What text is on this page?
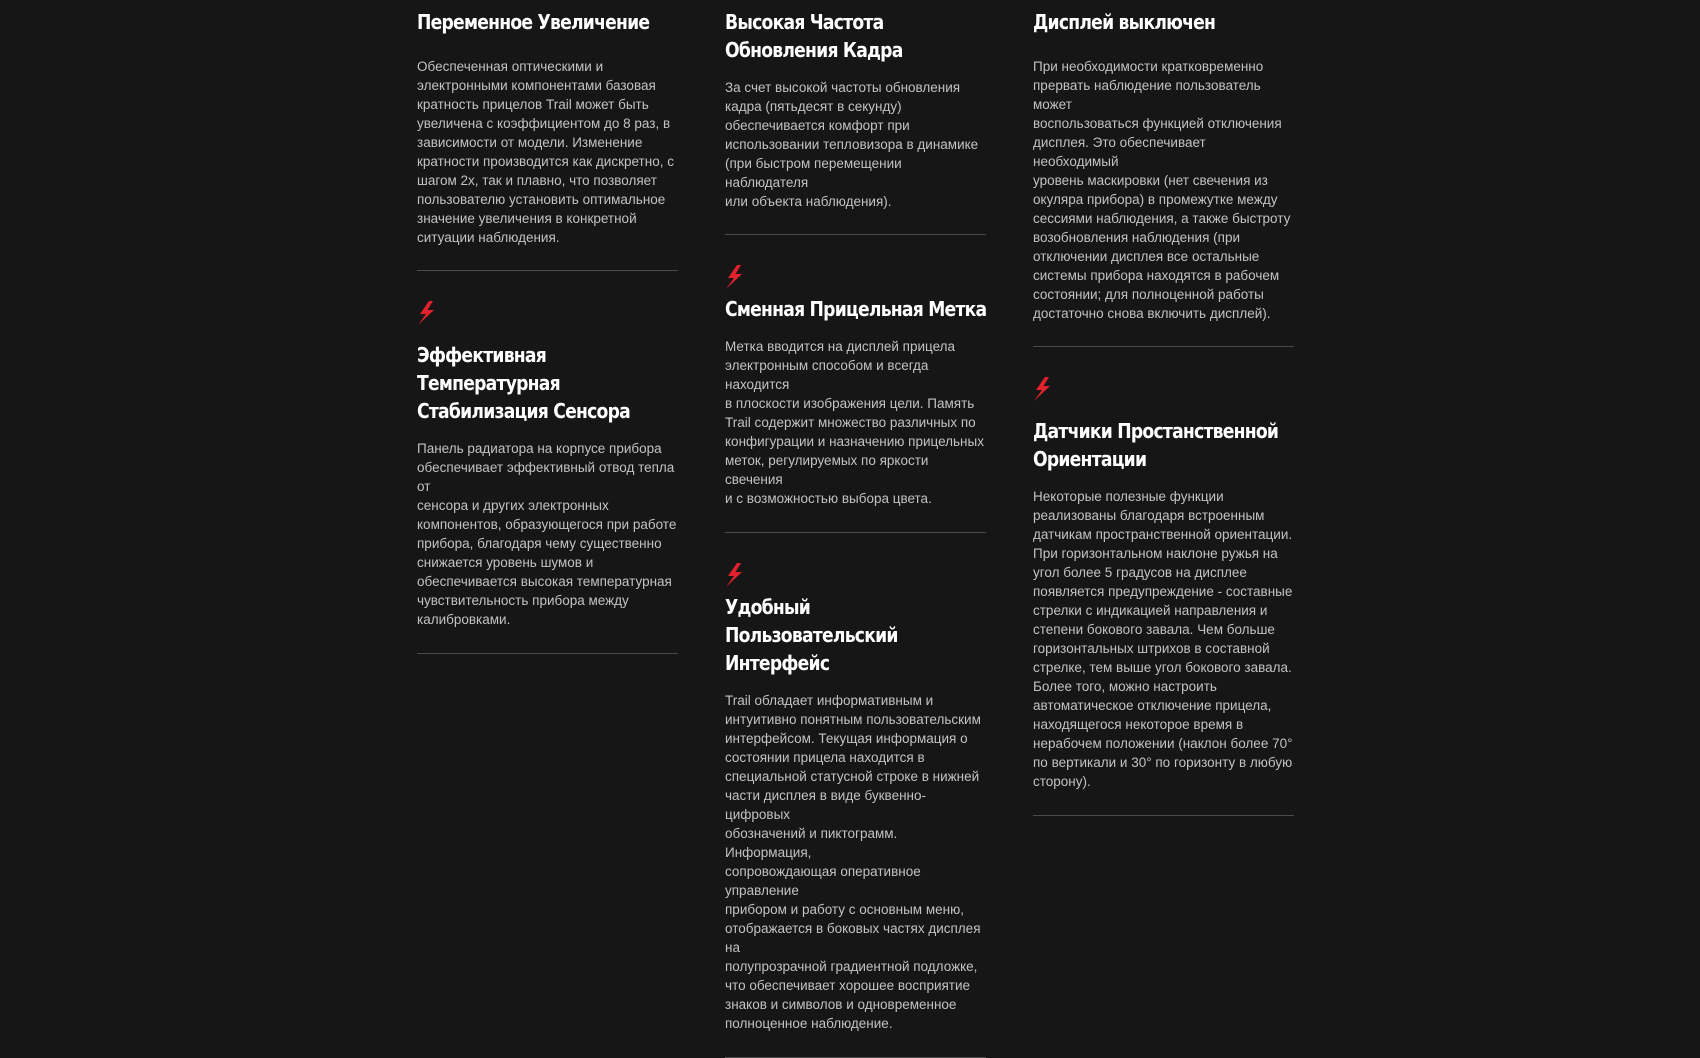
Переменное Увеличение

Обеспеченная оптическими и
электронными компонентами базовая
кратность прицелов Trail может быть
увеличена с коэффициентом до 8 раз, в
зависимости от модели. Изменение
кратности производится как дискретно, с
шагом 2x, так и плавно, что позволяет
пользователю установить оптимальное
значение увеличения в конкретной
ситуации наблюдения.

Эффективная
Температурная
Стабилизация Сенсора

Панель радиатора на корпусе прибора
обеспечивает эффективный отвод тепла от
сенсора и других электронных
компонентов, образующегося при работе
прибора, благодаря чему существенно
снижается уровень шумов и
обеспечивается высокая температурная
чувствительность прибора между
калибровками.

Высокая Частота
Обновления Кадра

За счет высокой частоты обновления
кадра (пятьдесят в секунду)
обеспечивается комфорт при
использовании тепловизора в динамике
(при быстром перемещении наблюдателя
или объекта наблюдения).

Сменная Прицельная Метка

Метка вводится на дисплей прицела
электронным способом и всегда находится
в плоскости изображения цели. Память
Trail содержит множество различных по
конфигурации и назначению прицельных
меток, регулируемых по яркости свечения
и с возможностью выбора цвета.

Удобный Пользовательский
Интерфейс

Trail обладает информативным и
интуитивно понятным пользовательским
интерфейсом. Текущая информация о
состоянии прицела находится в
специальной статусной строке в нижней
части дисплея в виде буквенно-цифровых
обозначений и пиктограмм. Информация,
сопровождающая оперативное управление
прибором и работу с основным меню,
отображается в боковых частях дисплея на
полупрозрачной градиентной подложке,
что обеспечивает хорошее восприятие
знаков и символов и одновременное
полноценное наблюдение.

Дисплей выключен

При необходимости кратковременно
прервать наблюдение пользователь может
воспользоваться функцией отключения
дисплея. Это обеспечивает необходимый
уровень маскировки (нет свечения из
окуляра прибора) в промежутке между
сессиями наблюдения, а также быстроту
возобновления наблюдения (при
отключении дисплея все остальные
системы прибора находятся в рабочем
состоянии; для полноценной работы
достаточно снова включить дисплей).

Датчики Простанственной
Ориентации

Некоторые полезные функции
реализованы благодаря встроенным
датчикам пространственной ориентации.
При горизонтальном наклоне ружья на
угол более 5 градусов на дисплее
появляется предупреждение - составные
стрелки с индикацией направления и
степени бокового завала. Чем больше
горизонтальных штрихов в составной
стрелке, тем выше угол бокового завала.
Более того, можно настроить
автоматическое отключение прицела,
находящегося некоторое время в
нерабочем положении (наклон более 70°
по вертикали и 30° по горизонту в любую
сторону).
